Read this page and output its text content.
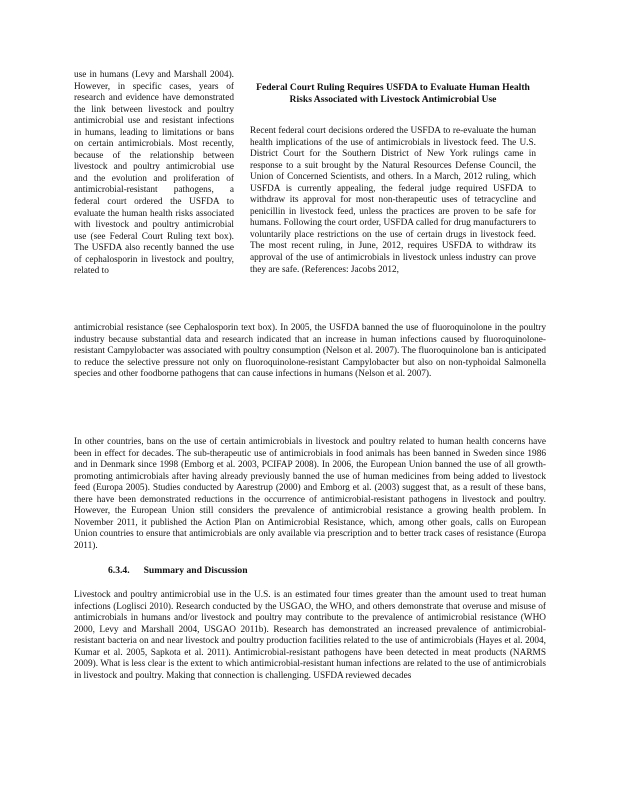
use in humans (Levy and Marshall 2004). However, in specific cases, years of research and evidence have demonstrated the link between livestock and poultry antimicrobial use and resistant infections in humans, leading to limitations or bans on certain antimicrobials. Most recently, because of the relationship between livestock and poultry antimicrobial use and the evolution and proliferation of antimicrobial-resistant pathogens, a federal court ordered the USFDA to evaluate the human health risks associated with livestock and poultry antimicrobial use (see Federal Court Ruling text box). The USFDA also recently banned the use of cephalosporin in livestock and poultry, related to
Federal Court Ruling Requires USFDA to Evaluate Human Health Risks Associated with Livestock Antimicrobial Use

Recent federal court decisions ordered the USFDA to re-evaluate the human health implications of the use of antimicrobials in livestock feed. The U.S. District Court for the Southern District of New York rulings came in response to a suit brought by the Natural Resources Defense Council, the Union of Concerned Scientists, and others. In a March, 2012 ruling, which USFDA is currently appealing, the federal judge required USFDA to withdraw its approval for most non-therapeutic uses of tetracycline and penicillin in livestock feed, unless the practices are proven to be safe for humans. Following the court order, USFDA called for drug manufacturers to voluntarily place restrictions on the use of certain drugs in livestock feed. The most recent ruling, in June, 2012, requires USFDA to withdraw its approval of the use of antimicrobials in livestock unless industry can prove they are safe. (References: Jacobs 2012,

antimicrobial resistance (see Cephalosporin text box). In 2005, the USFDA banned the use of fluoroquinolone in the poultry industry because substantial data and research indicated that an increase in human infections caused by fluoroquinolone-resistant Campylobacter was associated with poultry consumption (Nelson et al. 2007). The fluoroquinolone ban is anticipated to reduce the selective pressure not only on fluoroquinolone-resistant Campylobacter but also on non-typhoidal Salmonella species and other foodborne pathogens that can cause infections in humans (Nelson et al. 2007).

In other countries, bans on the use of certain antimicrobials in livestock and poultry related to human health concerns have been in effect for decades. The sub-therapeutic use of antimicrobials in food animals has been banned in Sweden since 1986 and in Denmark since 1998 (Emborg et al. 2003, PCIFAP 2008). In 2006, the European Union banned the use of all growth-promoting antimicrobials after having already previously banned the use of human medicines from being added to livestock feed (Europa 2005). Studies conducted by Aarestrup (2000) and Emborg et al. (2003) suggest that, as a result of these bans, there have been demonstrated reductions in the occurrence of antimicrobial-resistant pathogens in livestock and poultry. However, the European Union still considers the prevalence of antimicrobial resistance a growing health problem. In November 2011, it published the Action Plan on Antimicrobial Resistance, which, among other goals, calls on European Union countries to ensure that antimicrobials are only available via prescription and to better track cases of resistance (Europa 2011).

6.3.4. Summary and Discussion

Livestock and poultry antimicrobial use in the U.S. is an estimated four times greater than the amount used to treat human infections (Loglisci 2010). Research conducted by the USGAO, the WHO, and others demonstrate that overuse and misuse of antimicrobials in humans and/or livestock and poultry may contribute to the prevalence of antimicrobial resistance (WHO 2000, Levy and Marshall 2004, USGAO 2011b). Research has demonstrated an increased prevalence of antimicrobial-resistant bacteria on and near livestock and poultry production facilities related to the use of antimicrobials (Hayes et al. 2004, Kumar et al. 2005, Sapkota et al. 2011). Antimicrobial-resistant pathogens have been detected in meat products (NARMS 2009). What is less clear is the extent to which antimicrobial-resistant human infections are related to the use of antimicrobials in livestock and poultry. Making that connection is challenging. USFDA reviewed decades
